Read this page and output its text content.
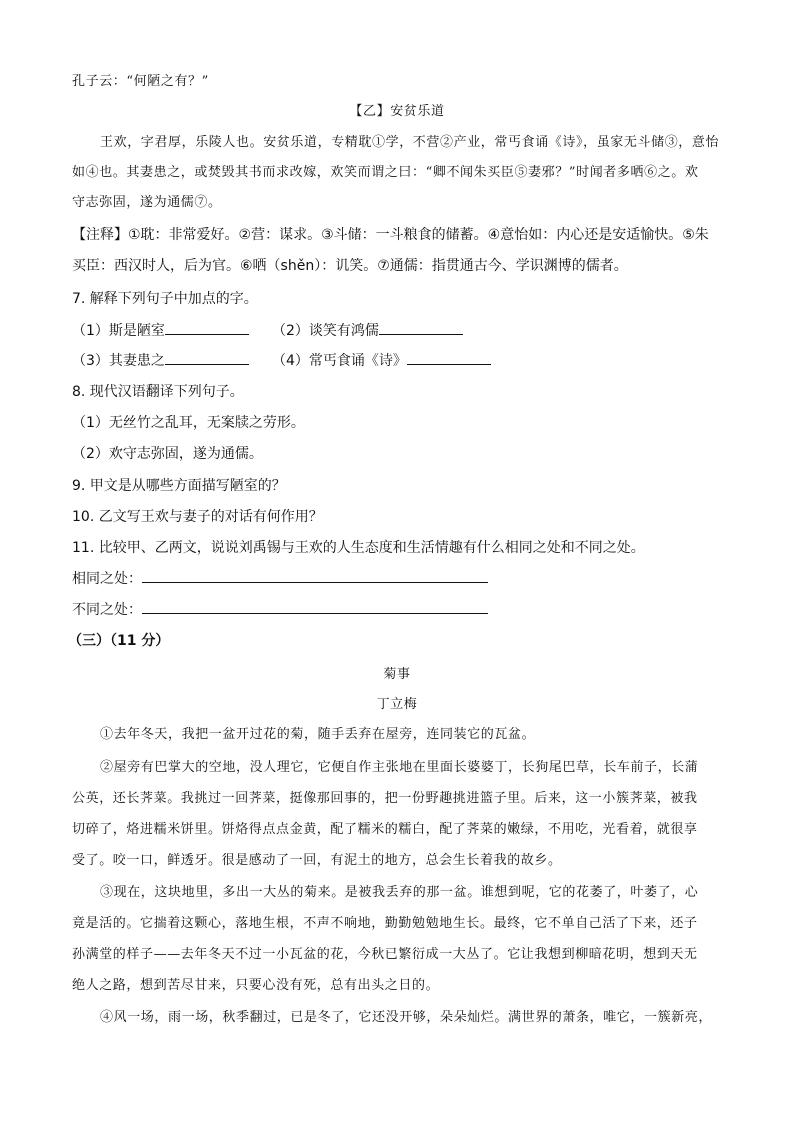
孔子云：“何陋之有？”
【乙】安贫乐道
王欢，字君厚，乐陵人也。安贫乐道，专精耽①学，不营②产业，常丐食诵《诗》，虽家无斗储③，意怡
如④也。其妻患之，或焚毁其书而求改嫁，欢笑而谓之曰：“卿不闻朱买臣⑤妻邪？”时闻者多哂⑥之。欢
守志弥固，遂为通儒⑦。
【注释】①耽：非常爱好。②营：谋求。③斗储：一斗粮食的储蓄。④意怡如：内心还是安适愉快。⑤朱
买臣：西汉时人，后为官。⑥哂（shěn）：讥笑。⑦通儒：指贯通古今、学识渊博的儒者。
7. 解释下列句子中加点的字。
（1）斯是陋室	（2）谈笑有鸿儒
（3）其妻患之	（4）常丐食诵《诗》
8. 现代汉语翻译下列句子。
（1）无丝竹之乱耳，无案牍之劳形。
（2）欢守志弥固，遂为通儒。
9. 甲文是从哪些方面描写陋室的？
10. 乙文写王欢与妻子的对话有何作用？
11. 比较甲、乙两文，说说刘禹锡与王欢的人生态度和生活情趣有什么相同之处和不同之处。
相同之处：
不同之处：
（三）（11 分）
菊事
丁立梅
①去年冬天，我把一盆开过花的菊，随手丢弃在屋旁，连同装它的瓦盆。
②屋旁有巴掌大的空地，没人理它，它便自作主张地在里面长婆婆丁，长狗尾巴草，长车前子，长蒲
公英，还长荠菜。我挑过一回荠菜，挺像那回事的，把一份野趣挑进篮子里。后来，这一小簇荠菜，被我
切碎了，烙进糯米饼里。饼烙得点点金黄，配了糯米的糯白，配了荠菜的嫩绿，不用吃，光看着，就很享
受了。咬一口，鲜透牙。很是感动了一回，有泥土的地方，总会生长着我的故乡。
③现在，这块地里，多出一大丛的菊来。是被我丢弃的那一盆。谁想到呢，它的花萎了，叶萎了，心
竟是活的。它揣着这颗心，落地生根，不声不响地，勤勤勉勉地生长。最终，它不单自己活了下来，还子
孙满堂的样子——去年冬天不过一小瓦盆的花，今秋已繁衍成一大丛了。它让我想到柳暗花明，想到天无
绝人之路，想到苦尽甘来，只要心没有死，总有出头之日的。
④风一场，雨一场，秋季翻过，已是冬了，它还没开够，朵朵灿烂。满世界的萧条，唯它，一簇新亮，
